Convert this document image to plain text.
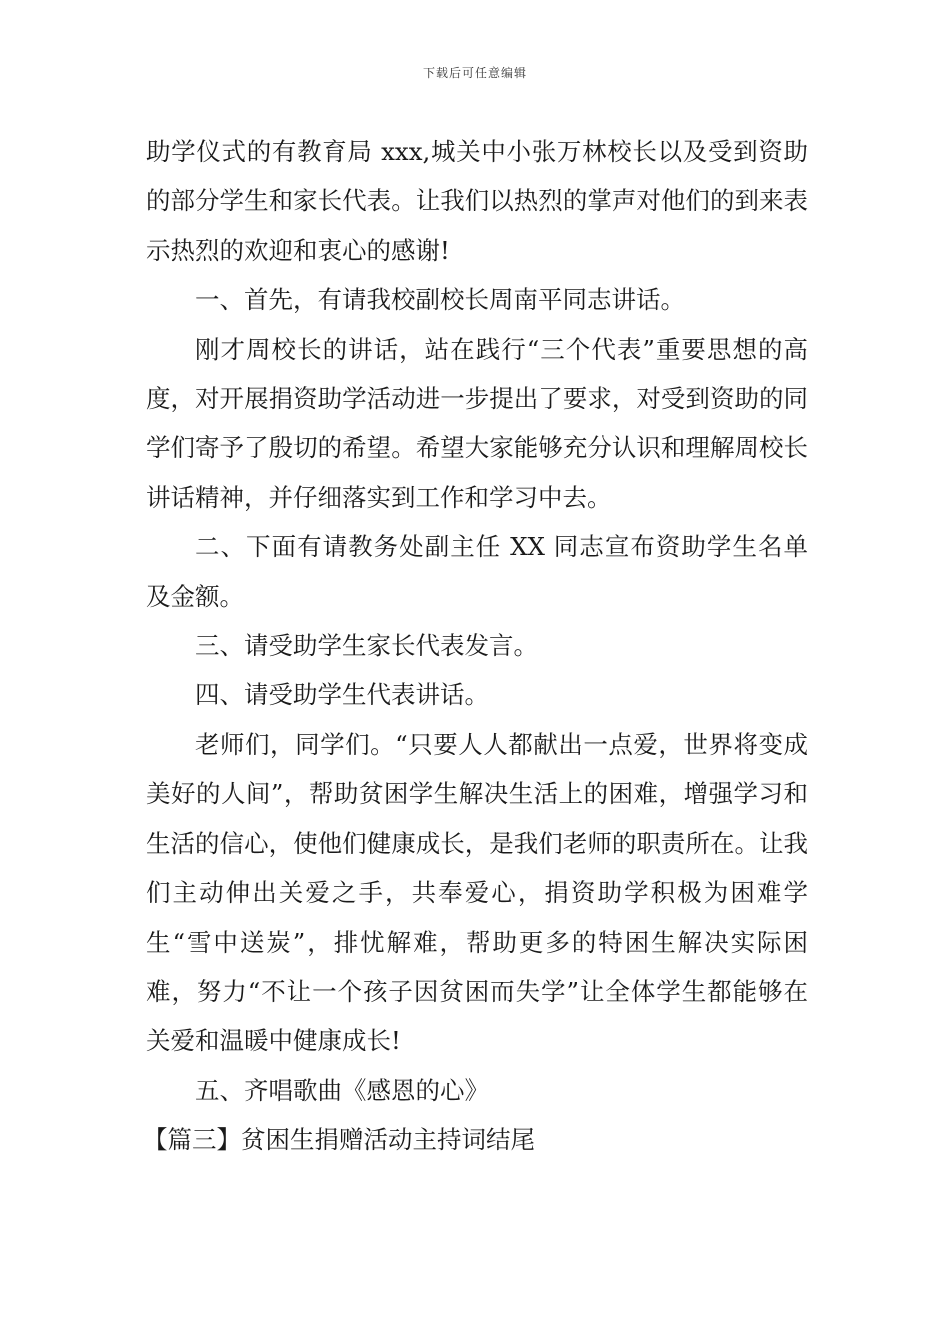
下载后可任意编辑

助学仪式的有教育局 xxx,城关中小张万林校长以及受到资助的部分学生和家长代表。让我们以热烈的掌声对他们的到来表示热烈的欢迎和衷心的感谢!

一、首先，有请我校副校长周南平同志讲话。

刚才周校长的讲话，站在践行“三个代表”重要思想的高度，对开展捐资助学活动进一步提出了要求，对受到资助的同学们寄予了殷切的希望。希望大家能够充分认识和理解周校长讲话精神，并仔细落实到工作和学习中去。

二、下面有请教务处副主任 XX 同志宣布资助学生名单及金额。

三、请受助学生家长代表发言。

四、请受助学生代表讲话。

老师们，同学们。“只要人人都献出一点爱，世界将变成美好的人间”，帮助贫困学生解决生活上的困难，增强学习和生活的信心，使他们健康成长，是我们老师的职责所在。让我们主动伸出关爱之手，共奉爱心，捐资助学积极为困难学生“雪中送炭”，排忧解难，帮助更多的特困生解决实际困难，努力“不让一个孩子因贫困而失学”让全体学生都能够在关爱和温暖中健康成长!

五、齐唱歌曲《感恩的心》

【篇三】贫困生捐赠活动主持词结尾
